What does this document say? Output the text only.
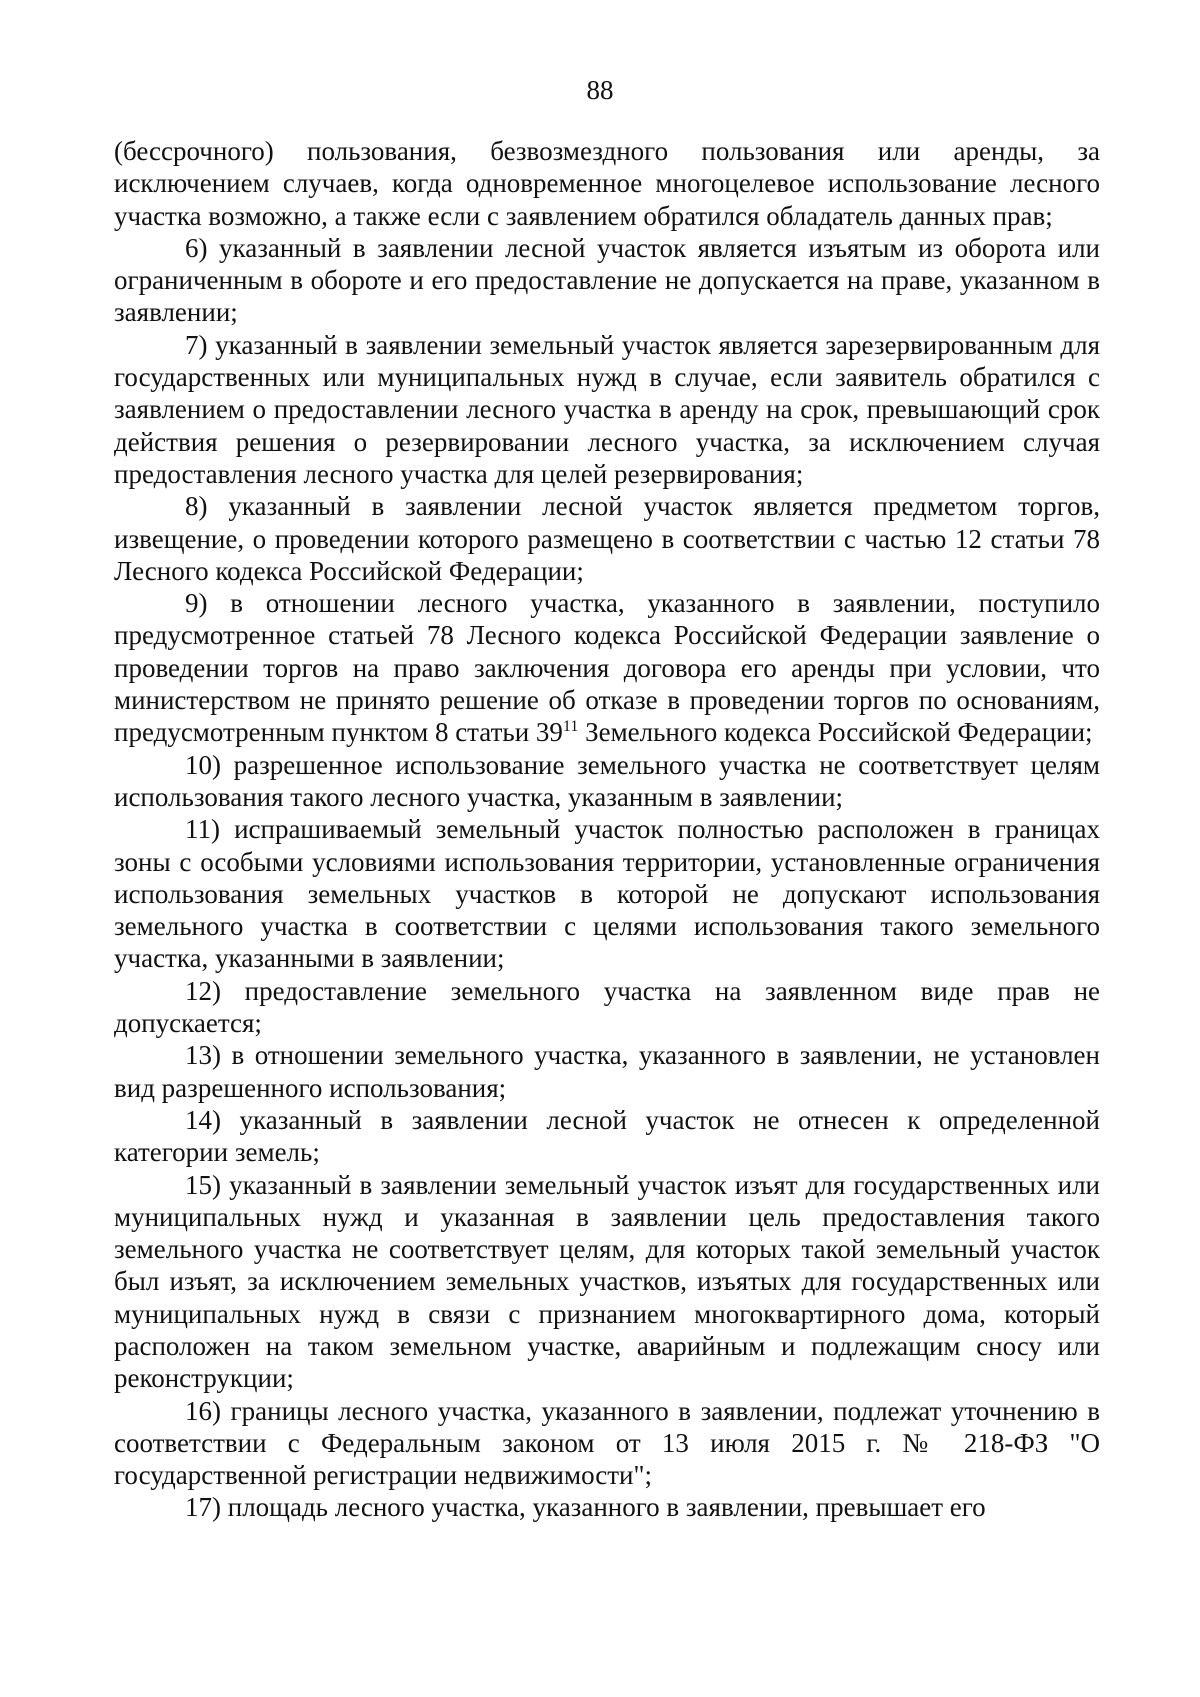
88

(бессрочного) пользования, безвозмездного пользования или аренды, за исключением случаев, когда одновременное многоцелевое использование лесного участка возможно, а также если с заявлением обратился обладатель данных прав;

6) указанный в заявлении лесной участок является изъятым из оборота или ограниченным в обороте и его предоставление не допускается на праве, указанном в заявлении;

7) указанный в заявлении земельный участок является зарезервированным для государственных или муниципальных нужд в случае, если заявитель обратился с заявлением о предоставлении лесного участка в аренду на срок, превышающий срок действия решения о резервировании лесного участка, за исключением случая предоставления лесного участка для целей резервирования;

8) указанный в заявлении лесной участок является предметом торгов, извещение, о проведении которого размещено в соответствии с частью 12 статьи 78 Лесного кодекса Российской Федерации;

9) в отношении лесного участка, указанного в заявлении, поступило предусмотренное статьей 78 Лесного кодекса Российской Федерации заявление о проведении торгов на право заключения договора его аренды при условии, что министерством не принято решение об отказе в проведении торгов по основаниям, предусмотренным пунктом 8 статьи $39^{11}$ Земельного кодекса Российской Федерации;

10) разрешенное использование земельного участка не соответствует целям использования такого лесного участка, указанным в заявлении;

11) испрашиваемый земельный участок полностью расположен в границах зоны с особыми условиями использования территории, установленные ограничения использования земельных участков в которой не допускают использования земельного участка в соответствии с целями использования такого земельного участка, указанными в заявлении;

12) предоставление земельного участка на заявленном виде прав не допускается;

13) в отношении земельного участка, указанного в заявлении, не установлен вид разрешенного использования;

14) указанный в заявлении лесной участок не отнесен к определенной категории земель;

15) указанный в заявлении земельный участок изъят для государственных или муниципальных нужд и указанная в заявлении цель предоставления такого земельного участка не соответствует целям, для которых такой земельный участок был изъят, за исключением земельных участков, изъятых для государственных или муниципальных нужд в связи с признанием многоквартирного дома, который расположен на таком земельном участке, аварийным и подлежащим сносу или реконструкции;

16) границы лесного участка, указанного в заявлении, подлежат уточнению в соответствии с Федеральным законом от 13 июля 2015 г. № 218-ФЗ "О государственной регистрации недвижимости";

17) площадь лесного участка, указанного в заявлении, превышает его
